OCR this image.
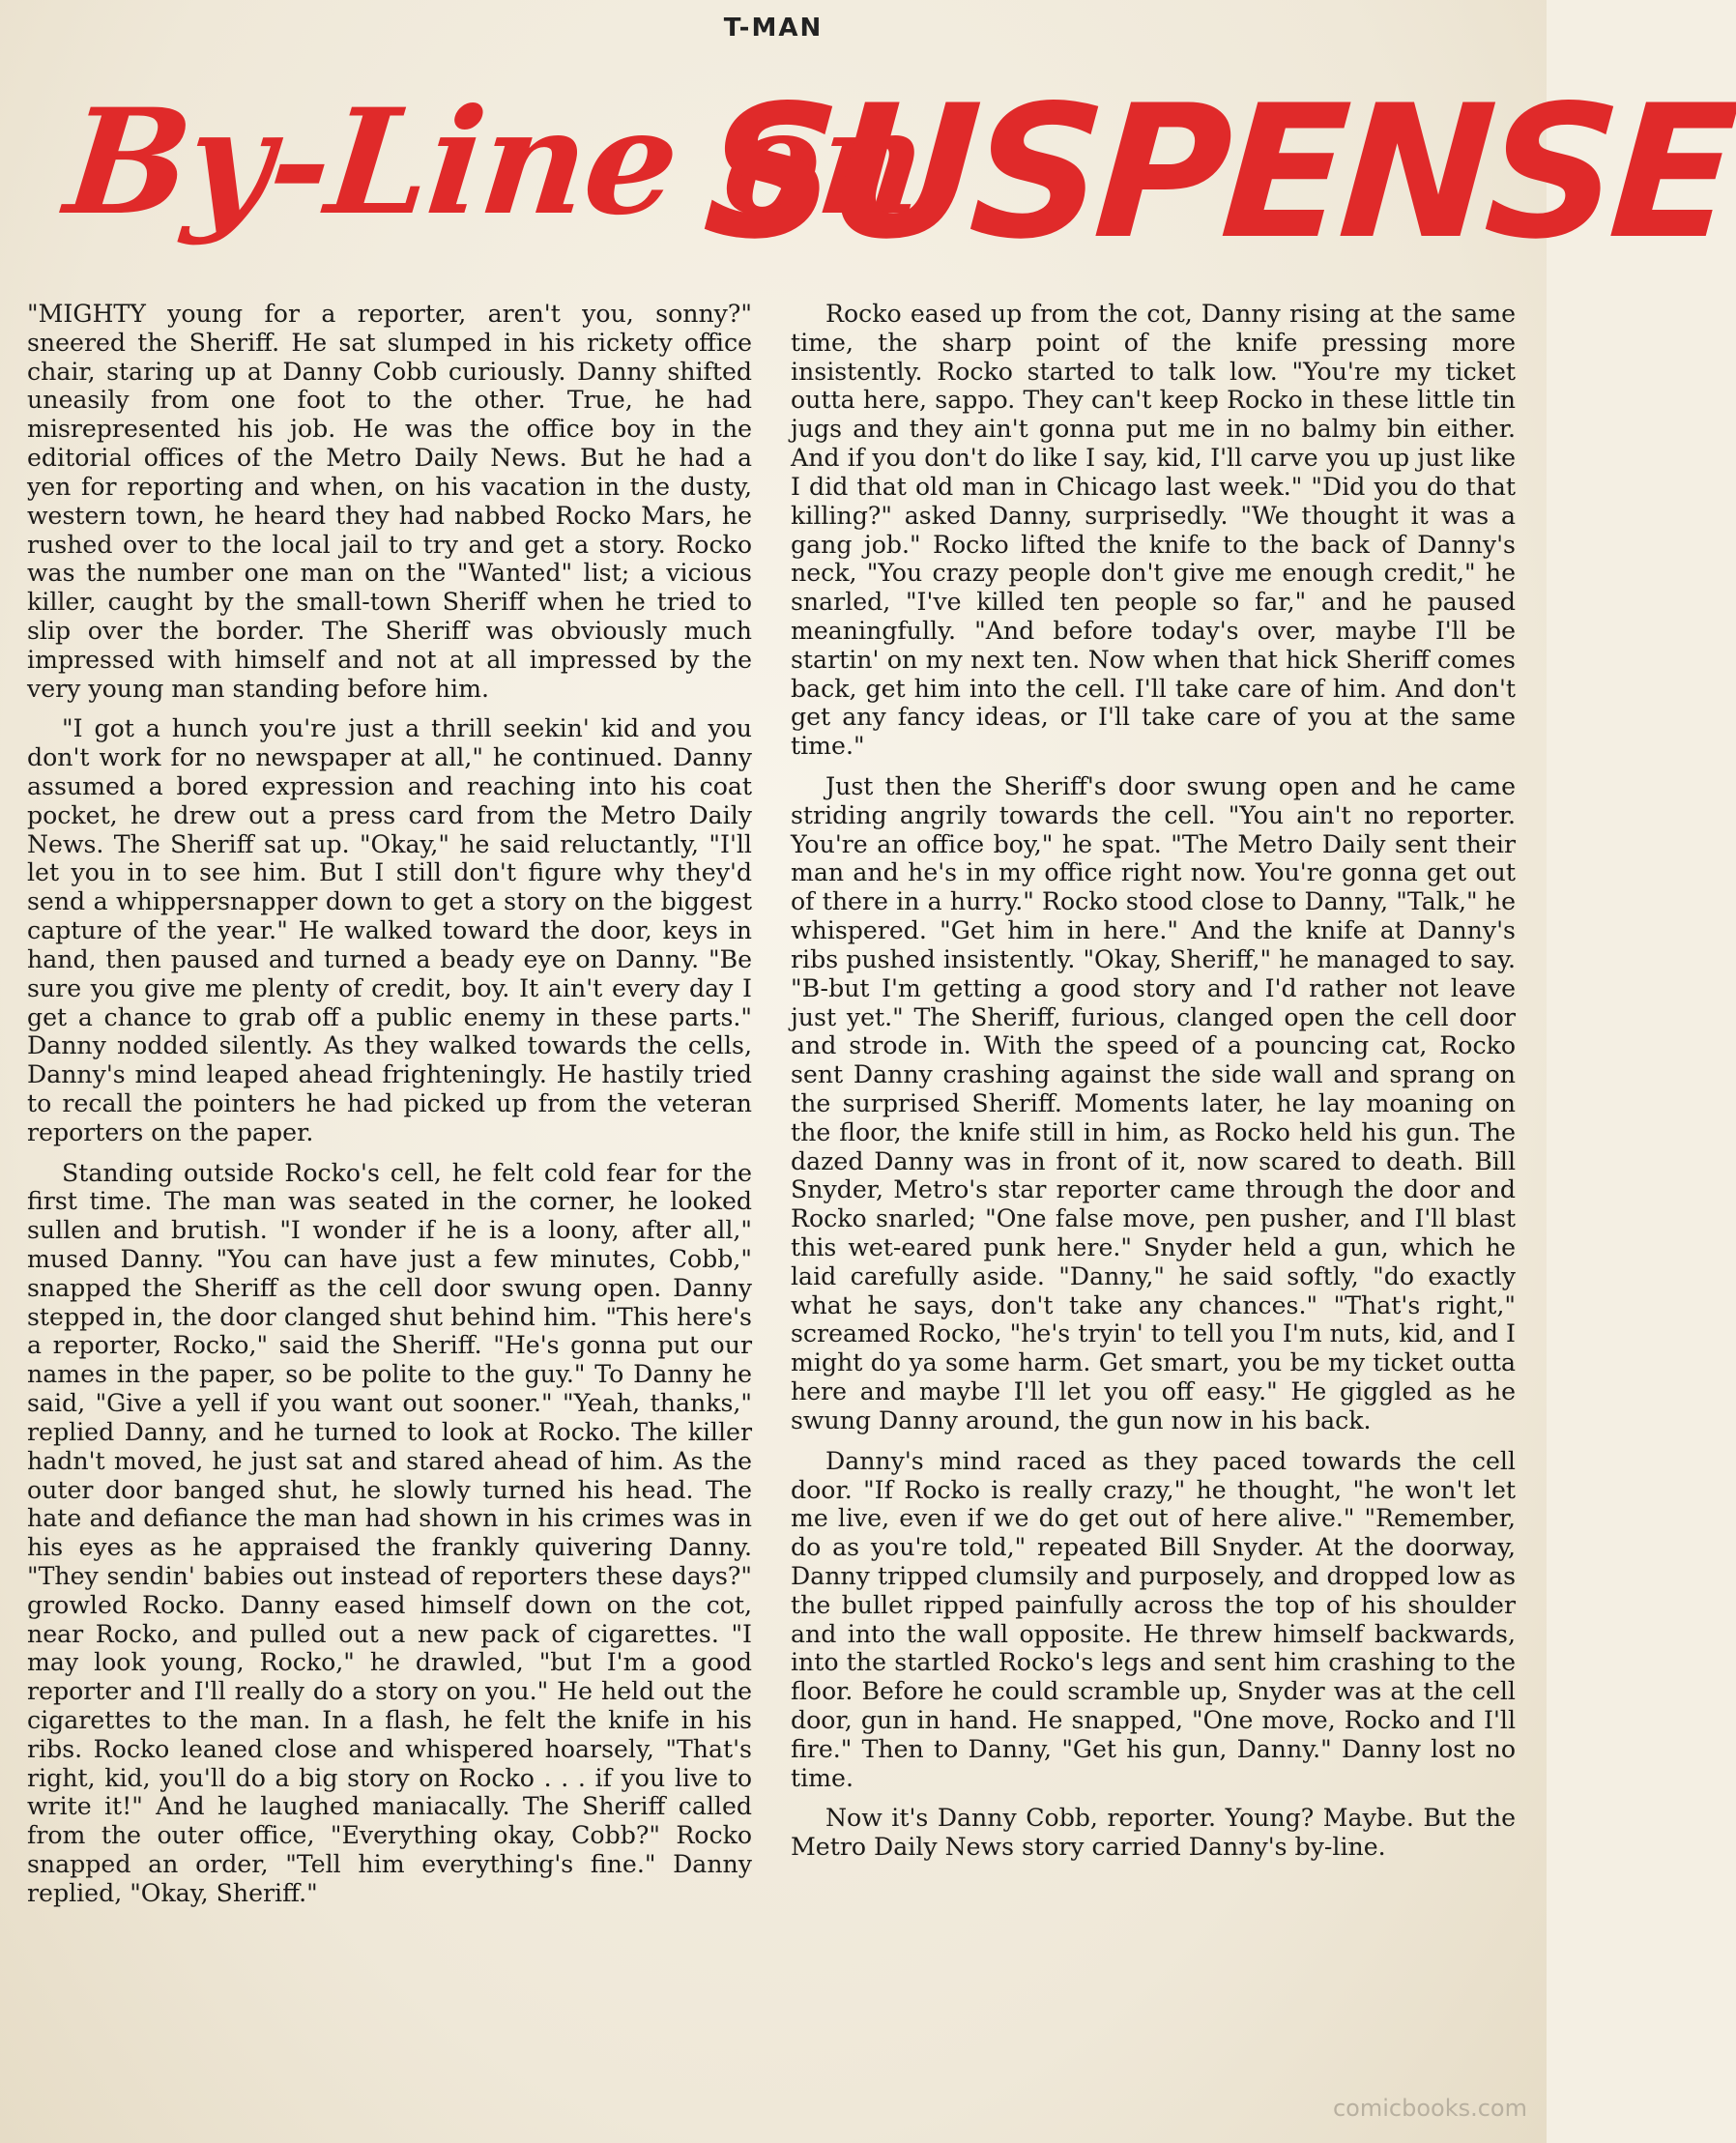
T-MAN
By-Line on
SUSPENSE

"MIGHTY young for a reporter, aren't you, sonny?" sneered the Sheriff. He sat slumped in his rickety office chair, staring up at Danny Cobb curiously. Danny shifted uneasily from one foot to the other. True, he had misrepresented his job. He was the office boy in the editorial offices of the Metro Daily News. But he had a yen for reporting and when, on his vacation in the dusty, western town, he heard they had nabbed Rocko Mars, he rushed over to the local jail to try and get a story. Rocko was the number one man on the "Wanted" list; a vicious killer, caught by the small-town Sheriff when he tried to slip over the border. The Sheriff was obviously much impressed with himself and not at all impressed by the very young man standing before him.

"I got a hunch you're just a thrill seekin' kid and you don't work for no newspaper at all," he continued. Danny assumed a bored expression and reaching into his coat pocket, he drew out a press card from the Metro Daily News. The Sheriff sat up. "Okay," he said reluctantly, "I'll let you in to see him. But I still don't figure why they'd send a whippersnapper down to get a story on the biggest capture of the year." He walked toward the door, keys in hand, then paused and turned a beady eye on Danny. "Be sure you give me plenty of credit, boy. It ain't every day I get a chance to grab off a public enemy in these parts." Danny nodded silently. As they walked towards the cells, Danny's mind leaped ahead frighteningly. He hastily tried to recall the pointers he had picked up from the veteran reporters on the paper.

Standing outside Rocko's cell, he felt cold fear for the first time. The man was seated in the corner, he looked sullen and brutish. "I wonder if he is a loony, after all," mused Danny. "You can have just a few minutes, Cobb," snapped the Sheriff as the cell door swung open. Danny stepped in, the door clanged shut behind him. "This here's a reporter, Rocko," said the Sheriff. "He's gonna put our names in the paper, so be polite to the guy." To Danny he said, "Give a yell if you want out sooner." "Yeah, thanks," replied Danny, and he turned to look at Rocko. The killer hadn't moved, he just sat and stared ahead of him. As the outer door banged shut, he slowly turned his head. The hate and defiance the man had shown in his crimes was in his eyes as he appraised the frankly quivering Danny. "They sendin' babies out instead of reporters these days?" growled Rocko. Danny eased himself down on the cot, near Rocko, and pulled out a new pack of cigarettes. "I may look young, Rocko," he drawled, "but I'm a good reporter and I'll really do a story on you." He held out the cigarettes to the man. In a flash, he felt the knife in his ribs. Rocko leaned close and whispered hoarsely, "That's right, kid, you'll do a big story on Rocko . . . if you live to write it!" And he laughed maniacally. The Sheriff called from the outer office, "Everything okay, Cobb?" Rocko snapped an order, "Tell him everything's fine." Danny replied, "Okay, Sheriff."

Rocko eased up from the cot, Danny rising at the same time, the sharp point of the knife pressing more insistently. Rocko started to talk low. "You're my ticket outta here, sappo. They can't keep Rocko in these little tin jugs and they ain't gonna put me in no balmy bin either. And if you don't do like I say, kid, I'll carve you up just like I did that old man in Chicago last week." "Did you do that killing?" asked Danny, surprisedly. "We thought it was a gang job." Rocko lifted the knife to the back of Danny's neck, "You crazy people don't give me enough credit," he snarled, "I've killed ten people so far," and he paused meaningfully. "And before today's over, maybe I'll be startin' on my next ten. Now when that hick Sheriff comes back, get him into the cell. I'll take care of him. And don't get any fancy ideas, or I'll take care of you at the same time."

Just then the Sheriff's door swung open and he came striding angrily towards the cell. "You ain't no reporter. You're an office boy," he spat. "The Metro Daily sent their man and he's in my office right now. You're gonna get out of there in a hurry." Rocko stood close to Danny, "Talk," he whispered. "Get him in here." And the knife at Danny's ribs pushed insistently. "Okay, Sheriff," he managed to say. "B-but I'm getting a good story and I'd rather not leave just yet." The Sheriff, furious, clanged open the cell door and strode in. With the speed of a pouncing cat, Rocko sent Danny crashing against the side wall and sprang on the surprised Sheriff. Moments later, he lay moaning on the floor, the knife still in him, as Rocko held his gun. The dazed Danny was in front of it, now scared to death. Bill Snyder, Metro's star reporter came through the door and Rocko snarled; "One false move, pen pusher, and I'll blast this wet-eared punk here." Snyder held a gun, which he laid carefully aside. "Danny," he said softly, "do exactly what he says, don't take any chances." "That's right," screamed Rocko, "he's tryin' to tell you I'm nuts, kid, and I might do ya some harm. Get smart, you be my ticket outta here and maybe I'll let you off easy." He giggled as he swung Danny around, the gun now in his back.

Danny's mind raced as they paced towards the cell door. "If Rocko is really crazy," he thought, "he won't let me live, even if we do get out of here alive." "Remember, do as you're told," repeated Bill Snyder. At the doorway, Danny tripped clumsily and purposely, and dropped low as the bullet ripped painfully across the top of his shoulder and into the wall opposite. He threw himself backwards, into the startled Rocko's legs and sent him crashing to the floor. Before he could scramble up, Snyder was at the cell door, gun in hand. He snapped, "One move, Rocko and I'll fire." Then to Danny, "Get his gun, Danny." Danny lost no time.

Now it's Danny Cobb, reporter. Young? Maybe. But the Metro Daily News story carried Danny's by-line.

comicbooks.com
